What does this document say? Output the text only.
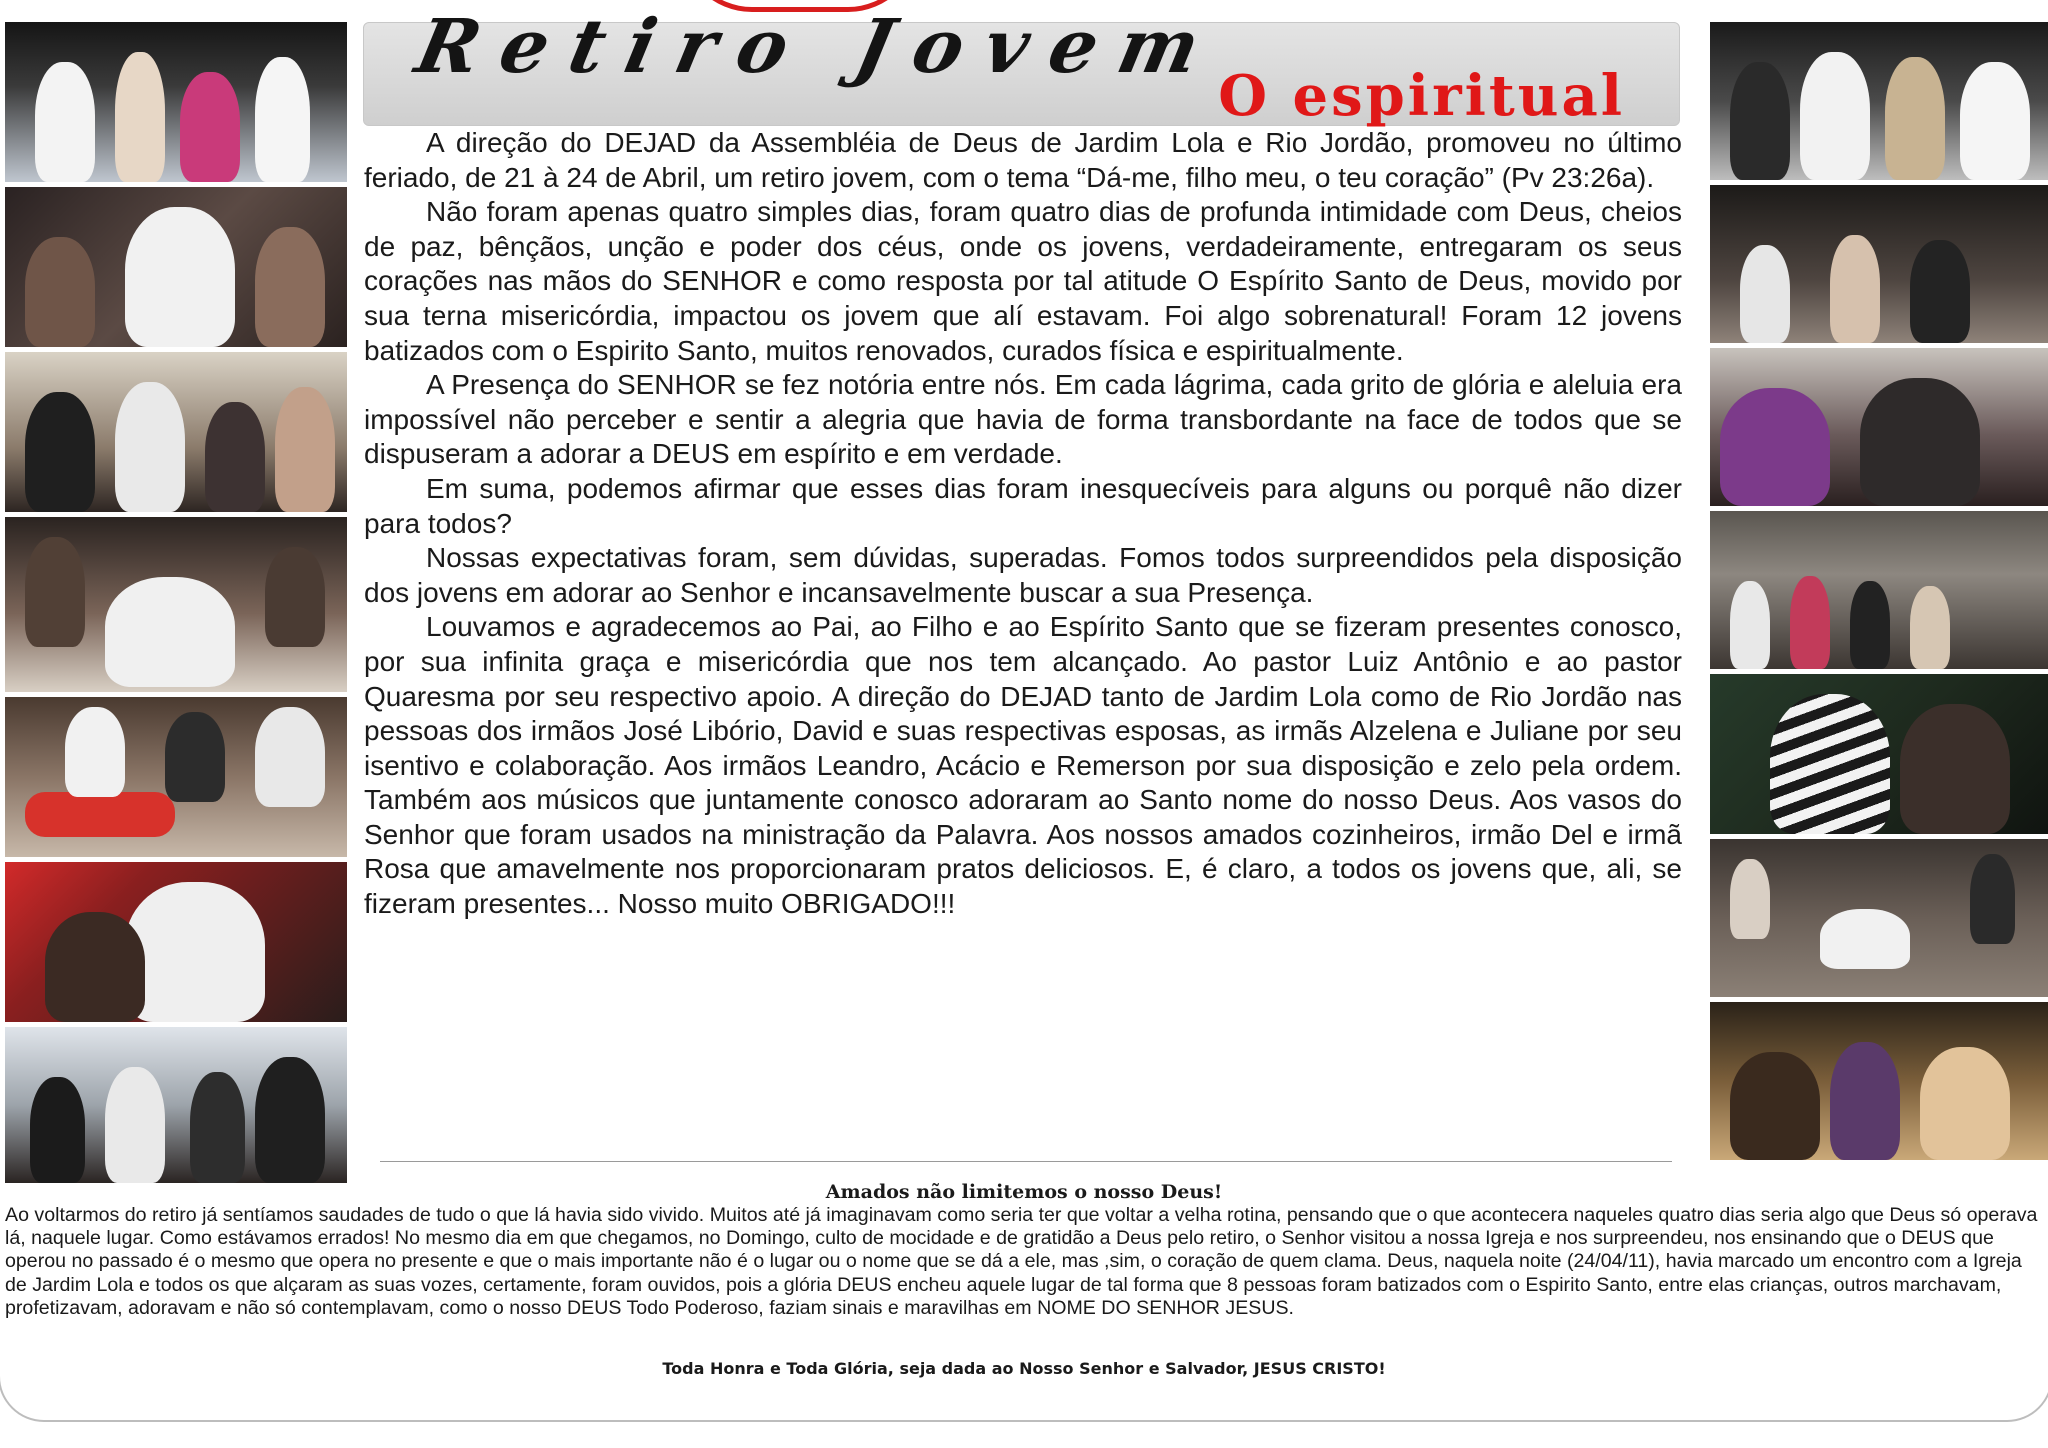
Retiro Jovem
O espiritual

A direção do DEJAD da Assembléia de Deus de Jardim Lola e Rio Jordão, promoveu no último feriado, de 21 à 24 de Abril, um retiro jovem, com o tema “Dá-me, filho meu, o teu coração” (Pv 23:26a).

Não foram apenas quatro simples dias, foram quatro dias de profunda intimidade com Deus, cheios de paz, bênçãos, unção e poder dos céus, onde os jovens, verdadeiramente, entregaram os seus corações nas mãos do SENHOR e como resposta por tal atitude O Espírito Santo de Deus, movido por sua terna misericórdia, impactou os jovem que alí estavam. Foi algo sobrenatural! Foram 12 jovens batizados com o Espirito Santo, muitos renovados, curados física e espiritualmente.

A Presença do SENHOR se fez notória entre nós. Em cada lágrima, cada grito de glória e aleluia era impossível não perceber e sentir a alegria que havia de forma transbordante na face de todos que se dispuseram a adorar a DEUS em espírito e em verdade.

Em suma, podemos afirmar que esses dias foram inesquecíveis para alguns ou porquê não dizer para todos?

Nossas expectativas foram, sem dúvidas, superadas. Fomos todos surpreendidos pela disposição dos jovens em adorar ao Senhor e incansavelmente buscar a sua Presença.

Louvamos e agradecemos ao Pai, ao Filho e ao Espírito Santo que se fizeram presentes conosco, por sua infinita graça e misericórdia que nos tem alcançado. Ao pastor Luiz Antônio e ao pastor Quaresma por seu respectivo apoio. A direção do DEJAD tanto de Jardim Lola como de Rio Jordão nas pessoas dos irmãos José Libório, David e suas respectivas esposas, as irmãs Alzelena e Juliane por seu isentivo e colaboração. Aos irmãos Leandro, Acácio e Remerson por sua disposição e zelo pela ordem. Também aos músicos que juntamente conosco adoraram ao Santo nome do nosso Deus. Aos vasos do Senhor que foram usados na ministração da Palavra. Aos nossos amados cozinheiros, irmão Del e irmã Rosa que amavelmente nos proporcionaram pratos deliciosos. E, é claro, a todos os jovens que, ali, se fizeram presentes... Nosso muito OBRIGADO!!!

Amados não limitemos o nosso Deus!
Ao voltarmos do retiro já sentíamos saudades de tudo o que lá havia sido vivido. Muitos até já imaginavam como seria ter que voltar a velha rotina, pensando que o que acontecera naqueles quatro dias seria algo que Deus só operava lá, naquele lugar. Como estávamos errados! No mesmo dia em que chegamos, no Domingo, culto de mocidade e de gratidão a Deus pelo retiro, o Senhor visitou a nossa Igreja e nos surpreendeu, nos ensinando que o DEUS que operou no passado é o mesmo que opera no presente e que o mais importante não é o lugar ou o nome que se dá a ele, mas ,sim, o coração de quem clama. Deus, naquela noite (24/04/11), havia marcado um encontro com a Igreja de Jardim Lola e todos os que alçaram as suas vozes, certamente, foram ouvidos, pois a glória DEUS encheu aquele lugar de tal forma que 8 pessoas foram batizados com o Espirito Santo, entre elas crianças, outros marchavam, profetizavam, adoravam e não só contemplavam, como o nosso DEUS Todo Poderoso, faziam sinais e maravilhas em NOME DO SENHOR JESUS.
Toda Honra e Toda Glória, seja dada ao Nosso Senhor e Salvador, JESUS CRISTO!
